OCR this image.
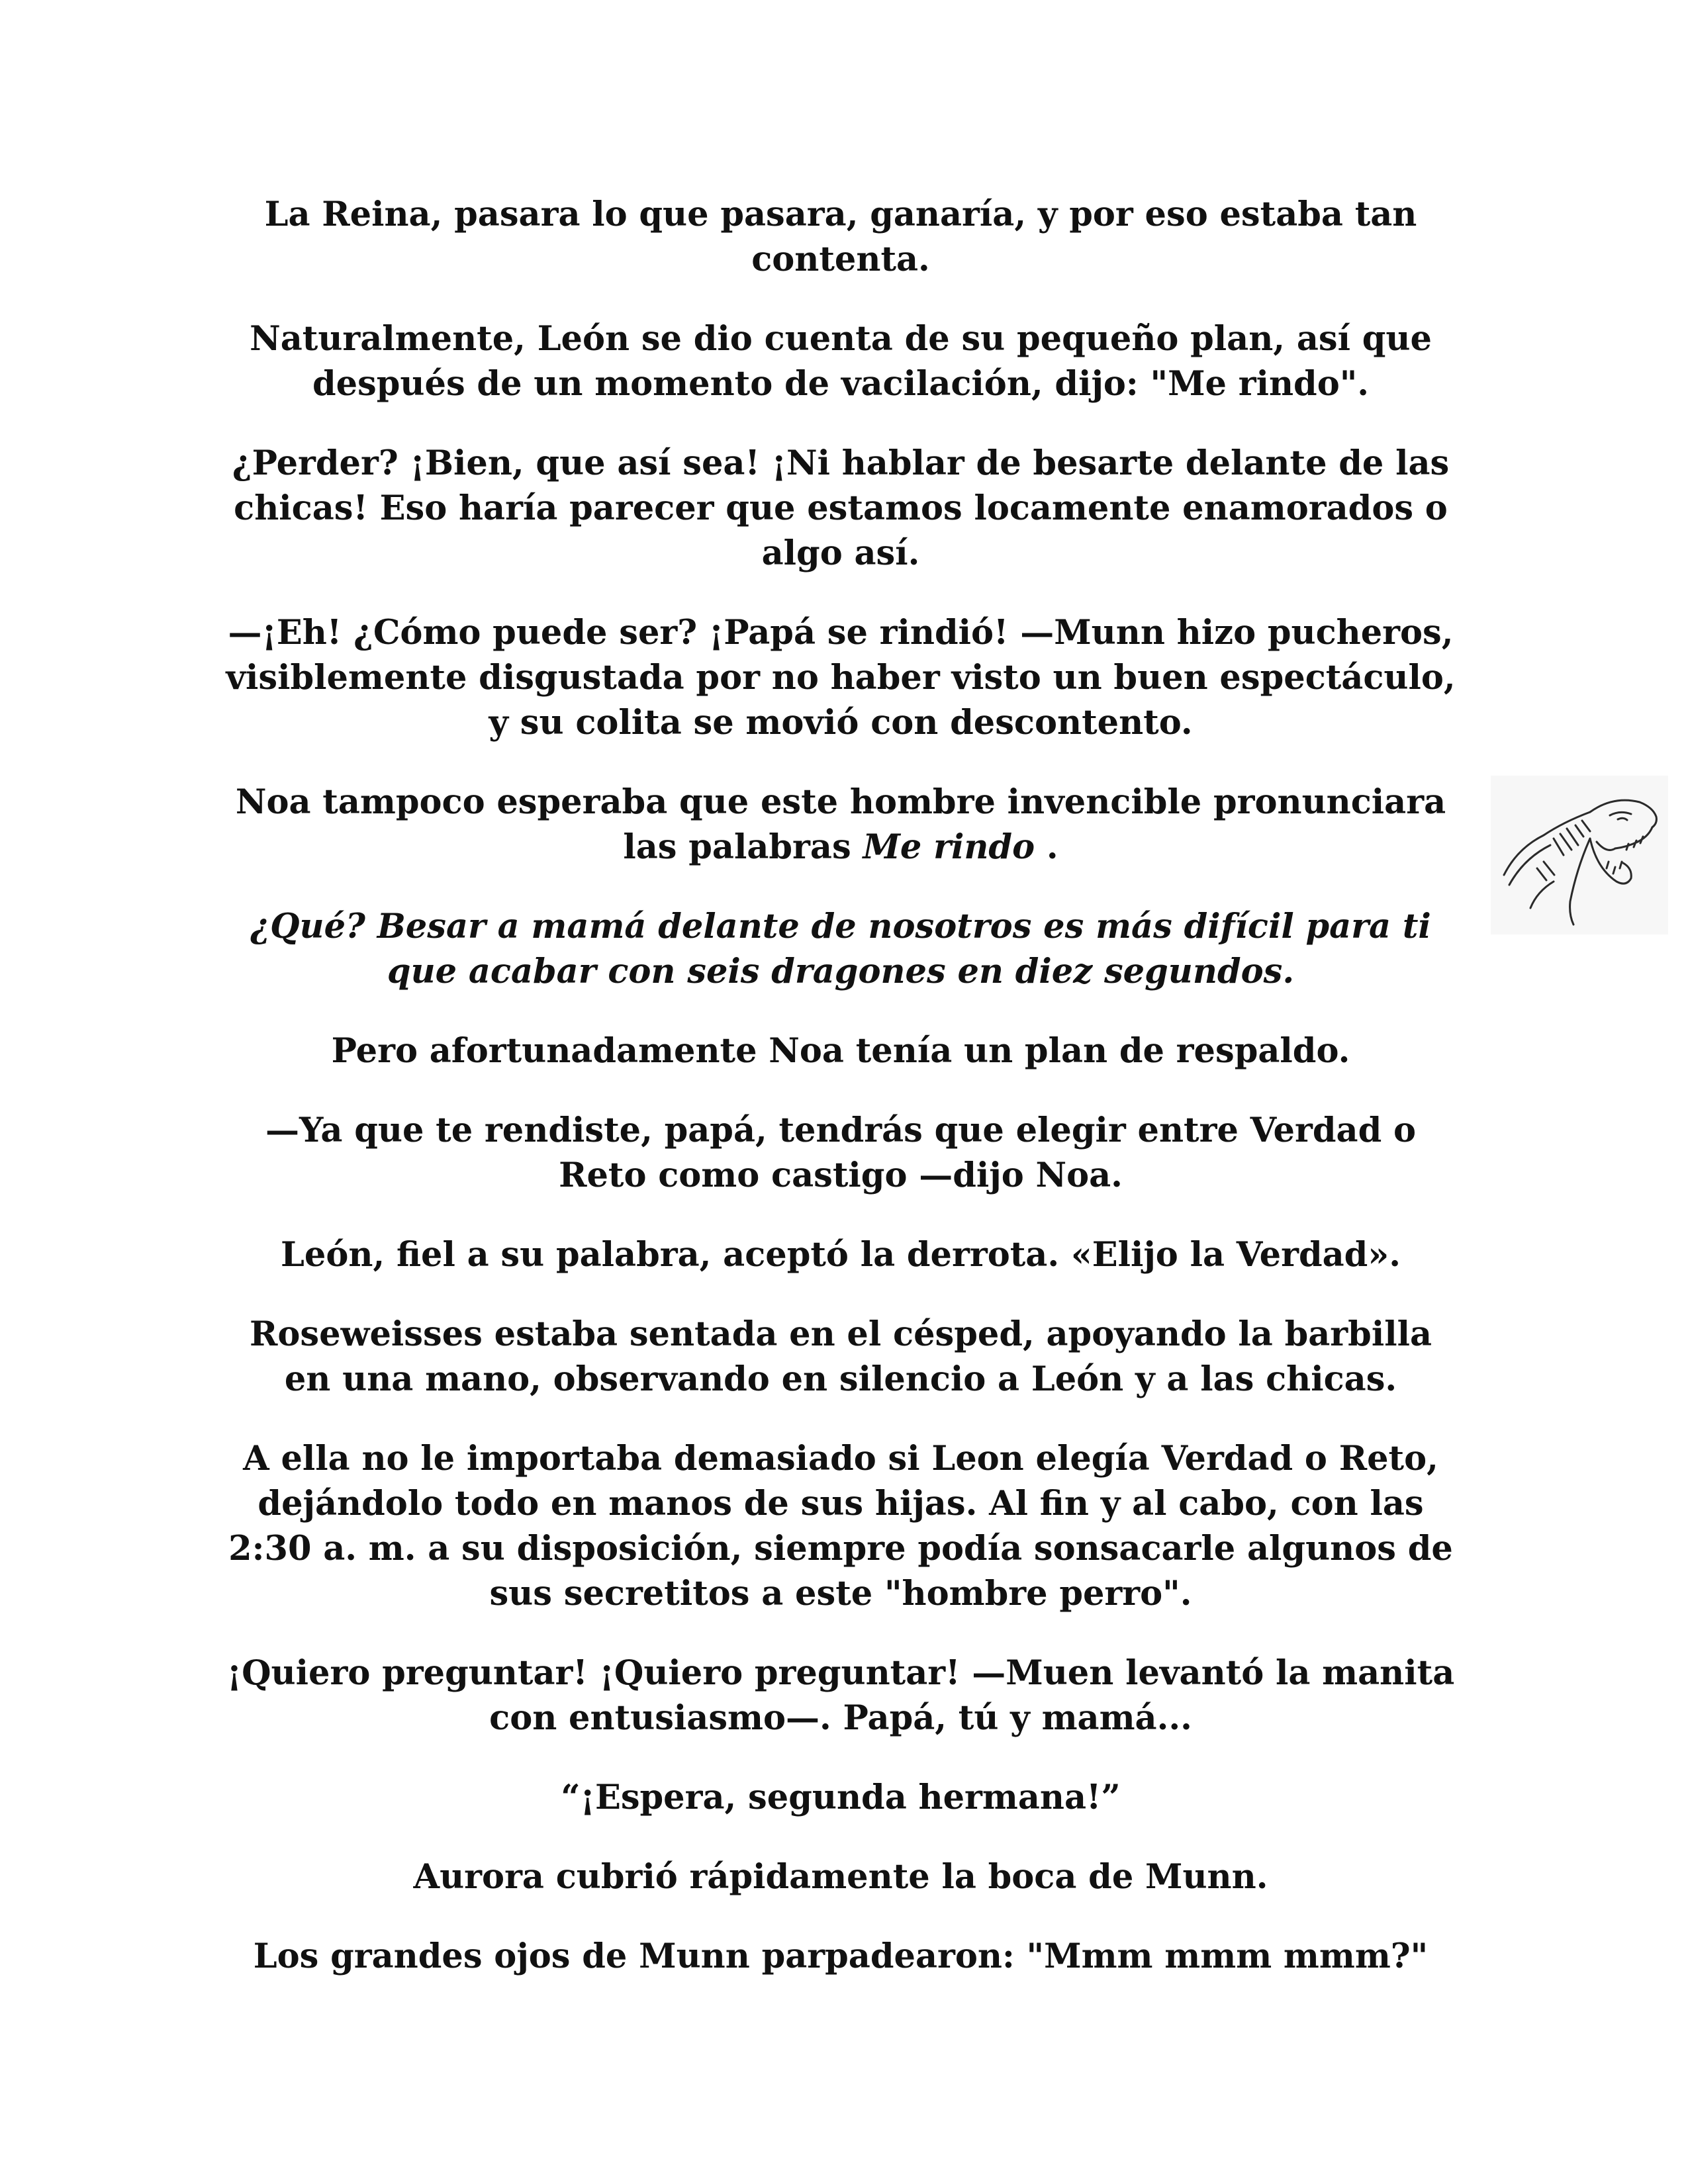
La Reina, pasara lo que pasara, ganaría, y por eso estaba tan contenta.

Naturalmente, León se dio cuenta de su pequeño plan, así que después de un momento de vacilación, dijo: "Me rindo".

¿Perder? ¡Bien, que así sea! ¡Ni hablar de besarte delante de las chicas! Eso haría parecer que estamos locamente enamorados o algo así.

—¡Eh! ¿Cómo puede ser? ¡Papá se rindió! —Munn hizo pucheros, visiblemente disgustada por no haber visto un buen espectáculo, y su colita se movió con descontento.

Noa tampoco esperaba que este hombre invencible pronunciara las palabras Me rindo .

¿Qué? Besar a mamá delante de nosotros es más difícil para ti que acabar con seis dragones en diez segundos.

Pero afortunadamente Noa tenía un plan de respaldo.

—Ya que te rendiste, papá, tendrás que elegir entre Verdad o Reto como castigo —dijo Noa.

León, fiel a su palabra, aceptó la derrota. «Elijo la Verdad».

Roseweisses estaba sentada en el césped, apoyando la barbilla en una mano, observando en silencio a León y a las chicas.

A ella no le importaba demasiado si Leon elegía Verdad o Reto, dejándolo todo en manos de sus hijas. Al fin y al cabo, con las 2:30 a. m. a su disposición, siempre podía sonsacarle algunos de sus secretitos a este "hombre perro".

¡Quiero preguntar! ¡Quiero preguntar! —Muen levantó la manita con entusiasmo—. Papá, tú y mamá...

“¡Espera, segunda hermana!”

Aurora cubrió rápidamente la boca de Munn.

Los grandes ojos de Munn parpadearon: "Mmm mmm mmm?"
